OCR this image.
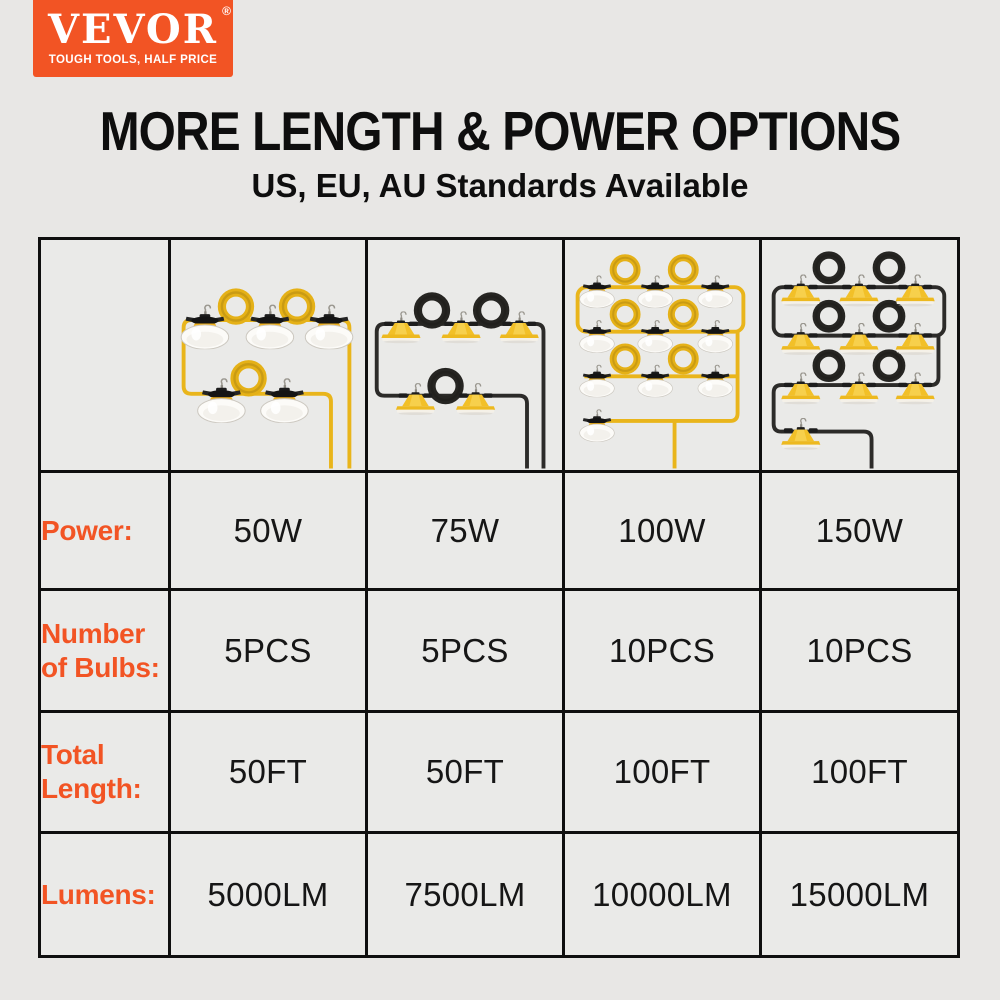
VEVOR ®
TOUGH TOOLS, HALF PRICE
MORE LENGTH & POWER OPTIONS
US, EU, AU Standards Available

Power:	50W	75W	100W	150W
Number of Bulbs:	5PCS	5PCS	10PCS	10PCS
Total Length:	50FT	50FT	100FT	100FT
Lumens:	5000LM	7500LM	10000LM	15000LM
